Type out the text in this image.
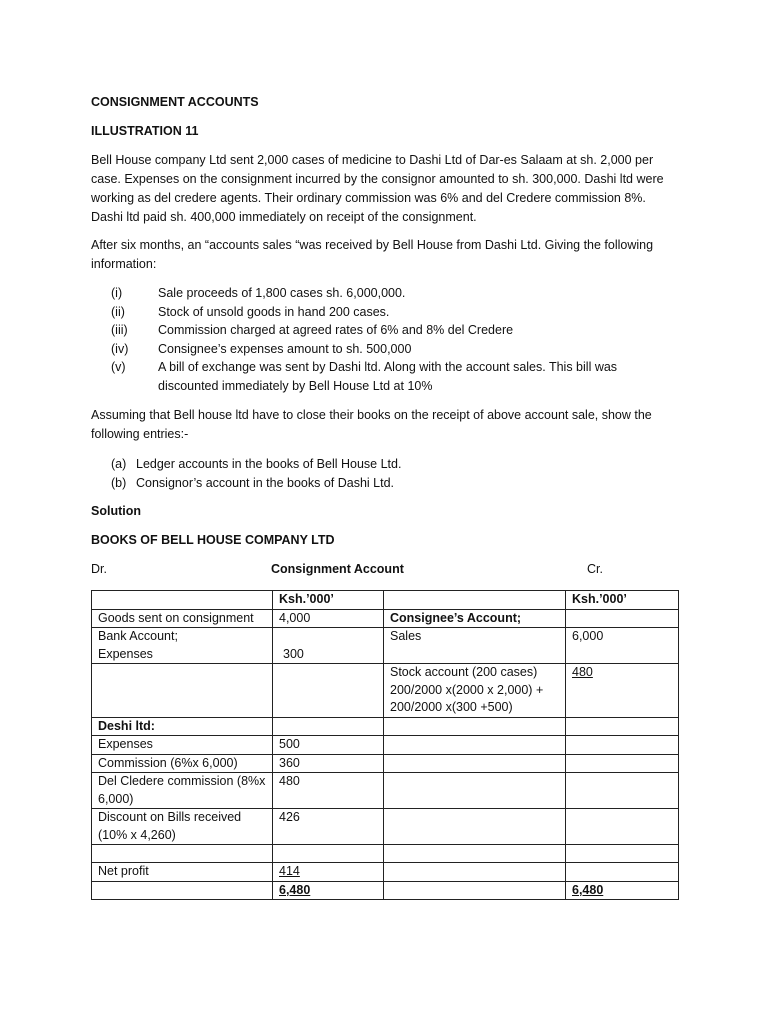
CONSIGNMENT ACCOUNTS

ILLUSTRATION 11

Bell House company Ltd sent 2,000 cases of medicine to Dashi Ltd of Dar-es Salaam at sh. 2,000 per case. Expenses on the consignment incurred by the consignor amounted to sh. 300,000. Dashi ltd were working as del credere agents. Their ordinary commission was 6% and del Credere commission 8%. Dashi ltd paid sh. 400,000 immediately on receipt of the consignment.

After six months, an “accounts sales “was received by Bell House from Dashi Ltd. Giving the following information:

(i)	Sale proceeds of 1,800 cases sh. 6,000,000.
(ii)	Stock of unsold goods in hand 200 cases.
(iii)	Commission charged at agreed rates of 6% and 8% del Credere
(iv)	Consignee’s expenses amount to sh. 500,000
(v)	A bill of exchange was sent by Dashi ltd. Along with the account sales. This bill was discounted immediately by Bell House Ltd at 10%

Assuming that Bell house ltd have to close their books on the receipt of above account sale, show the following entries:-

(a) Ledger accounts in the books of Bell House Ltd.
(b) Consignor’s account in the books of Dashi Ltd.

Solution

BOOKS OF BELL HOUSE COMPANY LTD

Dr.	Consignment Account	Cr.
	Ksh.’000’		Ksh.’000’
Goods sent on consignment	4,000	Consignee’s Account;	

Bank Account;
Expenses	300	Sales	6,000
		Stock account (200 cases) 200/2000 x(2000 x 2,000) + 200/2000 x(300 +500)	480
Deshi ltd:			
Expenses	500		
Commission (6%x 6,000)	360		
Del Cledere commission (8%x 6,000)	480		
Discount on Bills received (10% x 4,260)	426		

Net profit	414		
	6,480		6,480
